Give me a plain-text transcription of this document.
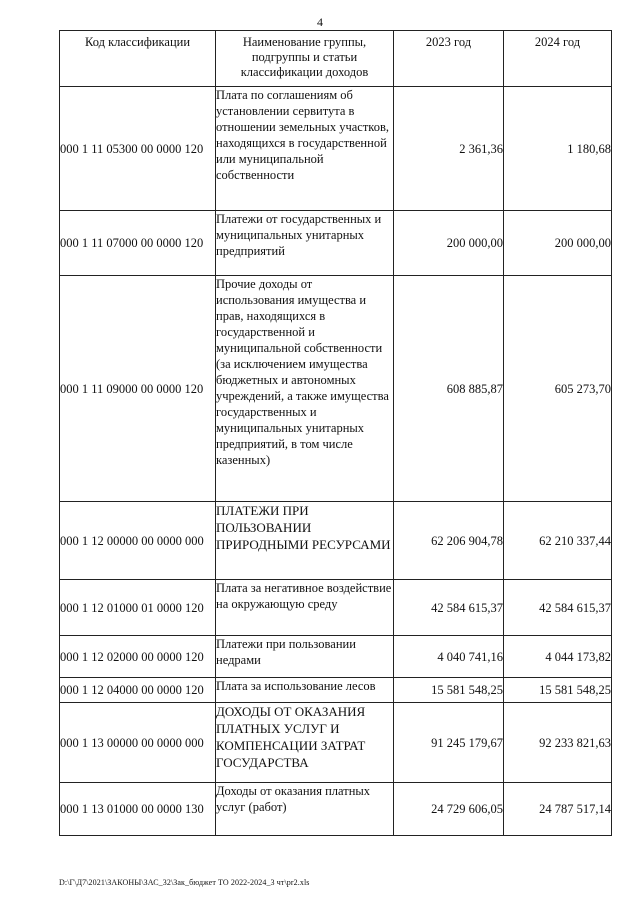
4
Код классификации	Наименование группы, подгруппы и статьи классификации доходов	2023 год	2024 год
000 1 11 05300 00 0000 120	Плата по соглашениям об установлении сервитута в отношении земельных участков, находящихся в государственной или муниципальной собственности	2 361,36	1 180,68
000 1 11 07000 00 0000 120	Платежи от государственных и муниципальных унитарных предприятий	200 000,00	200 000,00
000 1 11 09000 00 0000 120	Прочие доходы от использования имущества и прав, находящихся в государственной и муниципальной собственности (за исключением имущества бюджетных и автономных учреждений, а также имущества государственных и муниципальных унитарных предприятий, в том числе казенных)	608 885,87	605 273,70
000 1 12 00000 00 0000 000	ПЛАТЕЖИ ПРИ ПОЛЬЗОВАНИИ ПРИРОДНЫМИ РЕСУРСАМИ	62 206 904,78	62 210 337,44
000 1 12 01000 01 0000 120	Плата за негативное воздействие на окружающую среду	42 584 615,37	42 584 615,37
000 1 12 02000 00 0000 120	Платежи при пользовании недрами	4 040 741,16	4 044 173,82
000 1 12 04000 00 0000 120	Плата за использование лесов	15 581 548,25	15 581 548,25
000 1 13 00000 00 0000 000	ДОХОДЫ ОТ ОКАЗАНИЯ ПЛАТНЫХ УСЛУГ И КОМПЕНСАЦИИ ЗАТРАТ ГОСУДАРСТВА	91 245 179,67	92 233 821,63
000 1 13 01000 00 0000 130	Доходы от оказания платных услуг (работ)	24 729 606,05	24 787 517,14
D:\Г\Д7\2021\ЗАКОНЫ\ЗАС_32\Зак_бюджет ТО 2022-2024_3 чт\pr2.xls
